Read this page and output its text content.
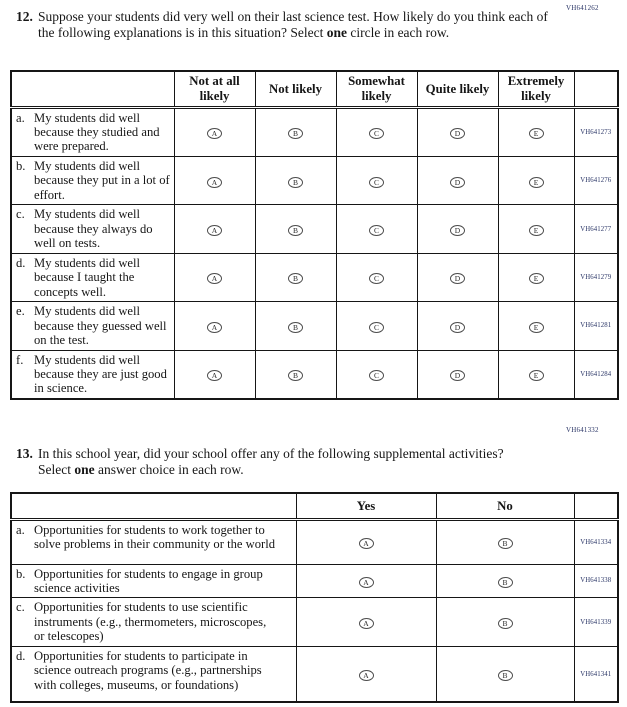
VH641262
12. Suppose your students did very well on their last science test. How likely do you think each of the following explanations is in this situation? Select one circle in each row.
	Not at all likely	Not likely	Somewhat likely	Quite likely	Extremely likely	

a. My students did well because they studied and were prepared.	A	B	C	D	E	VH641273

b. My students did well because they put in a lot of effort.	A	B	C	D	E	VH641276

c. My students did well because they always do well on tests.	A	B	C	D	E	VH641277

d. My students did well because I taught the concepts well.	A	B	C	D	E	VH641279

e. My students did well because they guessed well on the test.	A	B	C	D	E	VH641281

f. My students did well because they are just good in science.	A	B	C	D	E	VH641284
VH641332
13. In this school year, did your school offer any of the following supplemental activities? Select one answer choice in each row.
	Yes	No	

a. Opportunities for students to work together to solve problems in their community or the world	A	B	VH641334

b. Opportunities for students to engage in group science activities	A	B	VH641338

c. Opportunities for students to use scientific instruments (e.g., thermometers, microscopes, or telescopes)	A	B	VH641339

d. Opportunities for students to participate in science outreach programs (e.g., partnerships with colleges, museums, or foundations)	A	B	VH641341
